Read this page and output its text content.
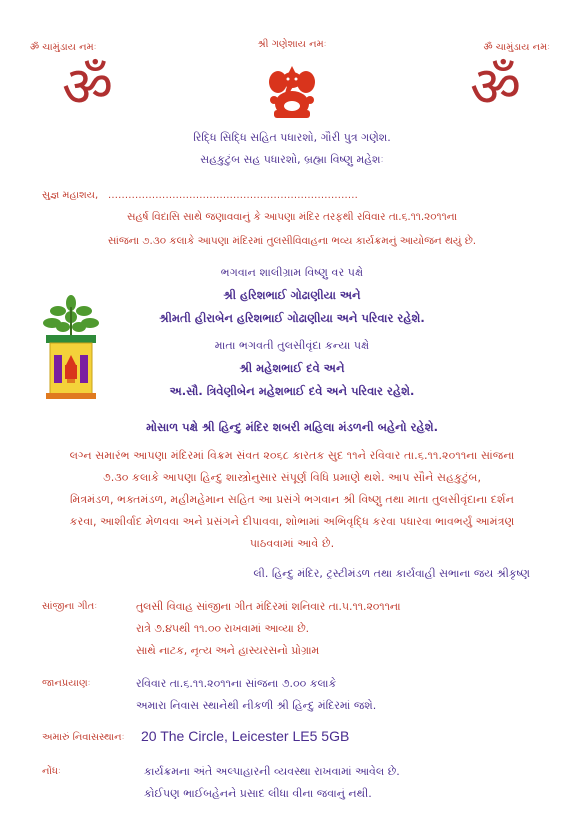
ॐ ચામુંડાય નમઃ	શ્રી ગણેશાય નમઃ	ॐ ચામુંડાય નમઃ
ॐ	ॐ
રિદ્ધિ સિદ્ધિ સહિત પધારશો, ગૌરી પુત્ર ગણેશ.
સહકુટુંબ સહ પધારશો, બ્રહ્મા વિષ્ણુ મહેશઃ
સુજ્ઞ મહાશય, ..........................................................................
સહર્ષ વિદાસિ સાથે જણાવવાનું કે આપણા મંદિર તરફથી રવિવાર તા.૬.૧૧.૨૦૧૧ના
સાંજના ૭.૩૦ કલાકે આપણા મંદિરમાં તુલસીવિવાહના ભવ્ય કાર્યક્રમનું આયોજન થયું છે.
ભગવાન શાલીગ્રામ વિષ્ણુ વર પક્ષે
શ્રી હરિશભાઈ ગોઢાણીયા અને
શ્રીમતી હીરાબેન હરિશભાઈ ગોઢાણીયા અને પરિવાર રહેશે.
માતા ભગવતી તુલસીવૃંદા કન્યા પક્ષે
શ્રી મહેશભાઈ દવે અને
અ.સૌ. ત્રિવેણીબેન મહેશભાઈ દવે અને પરિવાર રહેશે.
મોસાળ પક્ષે શ્રી હિન્દુ મંદિર શબરી મહિલા મંડળની બહેનો રહેશે.
લગ્ન સમારંભ આપણા મંદિરમાં વિક્રમ સંવત ૨૦૬૮ કારતક સુદ ૧૧ને રવિવાર તા.૬.૧૧.૨૦૧૧ના સાંજના
૭.૩૦ કલાકે આપણા હિન્દુ શાસ્ત્રોનુસાર સંપૂર્ણ વિધિ પ્રમાણે થશે. આપ સૌને સહકુટુંબ,
મિત્રમંડળ, ભક્તમંડળ, મહીમહેમાન સહિત આ પ્રસંગે ભગવાન શ્રી વિષ્ણુ તથા માતા તુલસીવૃંદાના દર્શન
કરવા, આશીર્વાદ મેળવવા અને પ્રસંગને દીપાવવા, શોભામાં અભિવૃદ્ધિ કરવા પધારવા ભાવભર્યું આમંત્રણ
પાઠવવામાં આવે છે.
લી. હિન્દુ મંદિર, ટ્રસ્ટીમંડળ તથા કાર્યવાહી સભાના જય શ્રીકૃષ્ણ
સાંજીના ગીતઃ	તુલસી વિવાહ સાંજીના ગીત મંદિરમાં શનિવાર તા.૫.૧૧.૨૦૧૧ના
રાત્રે ૭.૪૫થી ૧૧.૦૦ રાખવામાં આવ્યા છે.
સાથે નાટક, નૃત્ય અને હાસ્યરસનો પ્રોગ્રામ
જાનપ્રયાણઃ	રવિવાર તા.૬.૧૧.૨૦૧૧ના સાંજના ૭.૦૦ કલાકે
અમારા નિવાસ સ્થાનેથી નીકળી શ્રી હિન્દુ મંદિરમાં જશે.
અમારું નિવાસસ્થાનઃ 20 The Circle, Leicester LE5 5GB
નોંધઃ	કાર્યક્રમના અંતે અલ્પાહારની વ્યવસ્થા રાખવામાં આવેલ છે.
કોઈપણ ભાઈબહેનને પ્રસાદ લીધા વીના જવાનું નથી.
